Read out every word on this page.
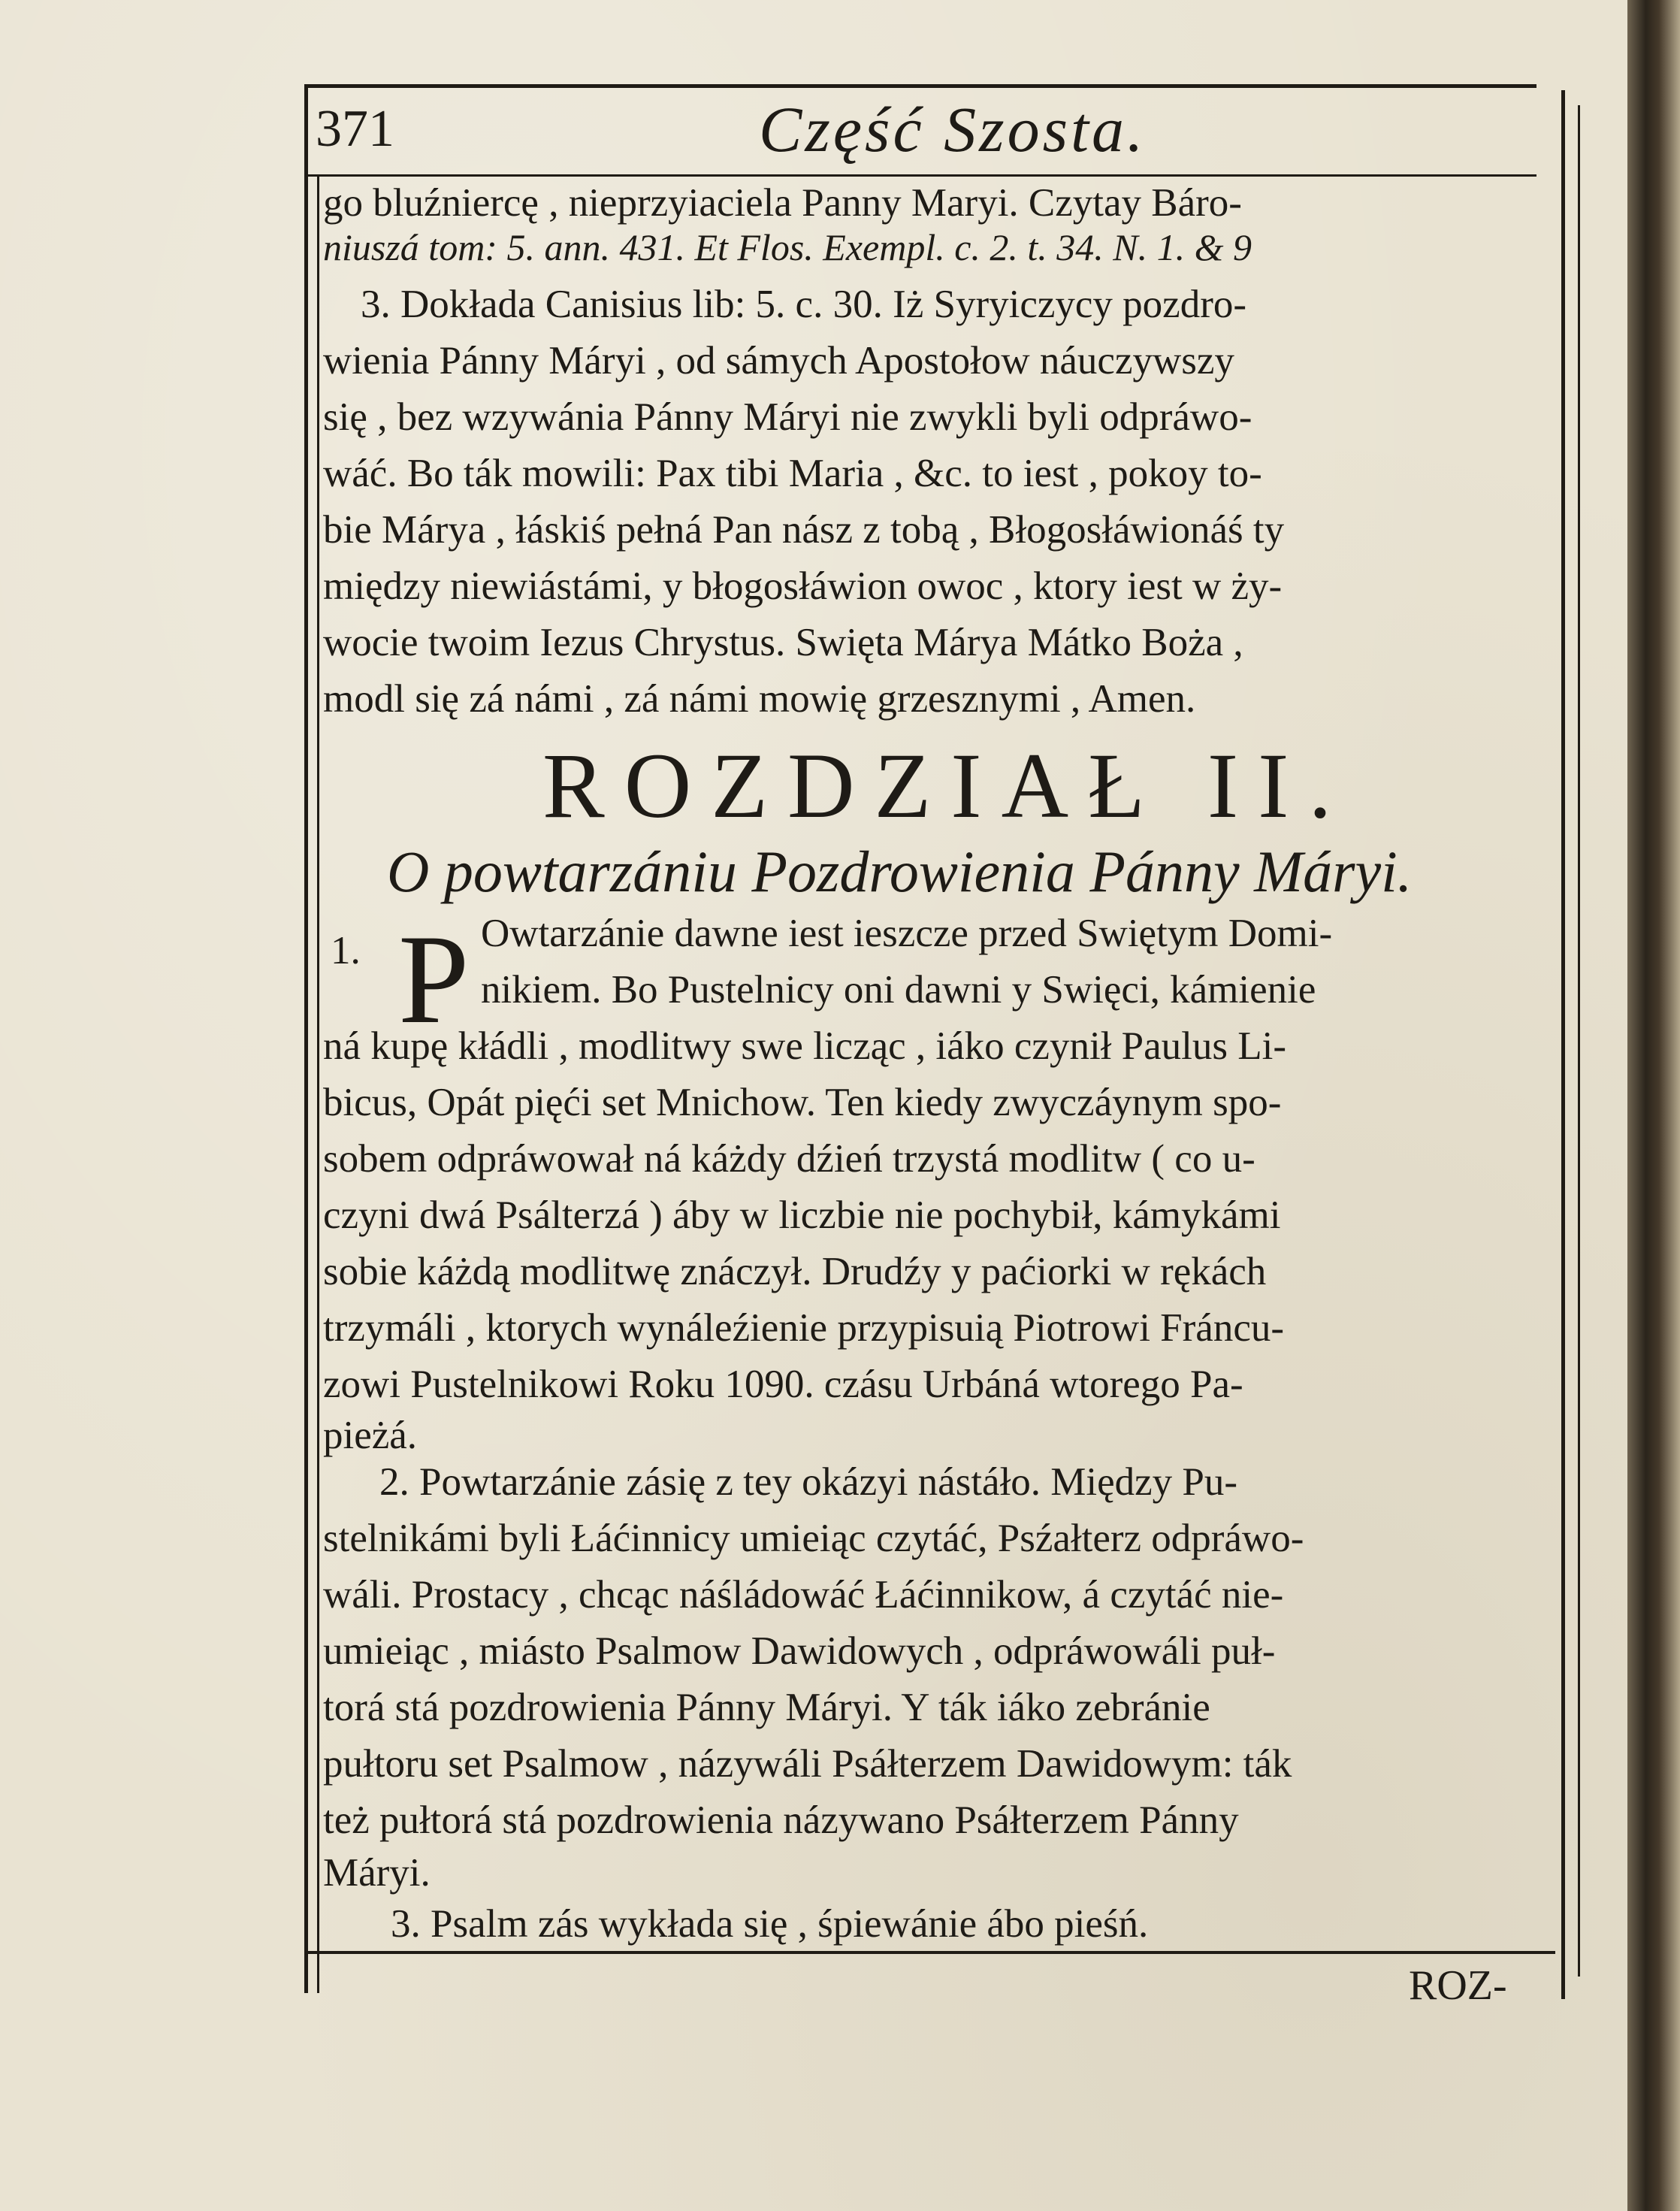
371	Część Szosta.
go bluźniercę , nieprzyiaciela Panny Maryi. Czytay Báro-
niuszá tom: 5. ann. 431. Et Flos. Exempl. c. 2. t. 34. N. 1. & 9
3. Dokłada Canisius lib: 5. c. 30. Iż Syryiczycy pozdro-
wienia Pánny Máryi , od sámych Apostołow náuczywszy
się , bez wzywánia Pánny Máryi nie zwykli byli odpráwo-
wáć. Bo ták mowili: Pax tibi Maria , &c. to iest , pokoy to-
bie Márya , łáskiś pełná Pan nász z tobą , Błogosłáwionáś ty
między niewiástámi, y błogosłáwion owoc , ktory iest w ży-
wocie twoim Iezus Chrystus. Swięta Márya Mátko Boża ,
modl się zá námi , zá námi mowię grzesznymi , Amen.
ROZDZIAŁ II.
O powtarzániu Pozdrowienia Pánny Máryi.
1. P Owtarzánie dawne iest ieszcze przed Swiętym Domi-
nikiem. Bo Pustelnicy oni dawni y Swięci, kámienie
ná kupę kłádli , modlitwy swe licząc , iáko czynił Paulus Li-
bicus, Opát pięći set Mnichow. Ten kiedy zwyczáynym spo-
sobem odpráwował ná káżdy dźień trzystá modlitw ( co u-
czyni dwá Psálterzá ) áby w liczbie nie pochybił, kámykámi
sobie káżdą modlitwę znáczył. Drudźy y paćiorki w rękách
trzymáli , ktorych wynáleźienie przypisuią Piotrowi Fráncu-
zowi Pustelnikowi Roku 1090. czásu Urbáná wtorego Pa-
pieżá.
2. Powtarzánie zásię z tey okázyi nástáło. Między Pu-
stelnikámi byli Łáćinnicy umieiąc czytáć, Psźałterz odpráwo-
wáli. Prostacy , chcąc náśládowáć Łáćinnikow, á czytáć nie-
umieiąc , miásto Psalmow Dawidowych , odpráwowáli puł-
torá stá pozdrowienia Pánny Máryi. Y ták iáko zebránie
pułtoru set Psalmow , názywáli Psáłterzem Dawidowym: ták
też pułtorá stá pozdrowienia názywano Psáłterzem Pánny
Máryi.
3. Psalm zás wykłada się , śpiewánie ábo pieśń.
ROZ-
